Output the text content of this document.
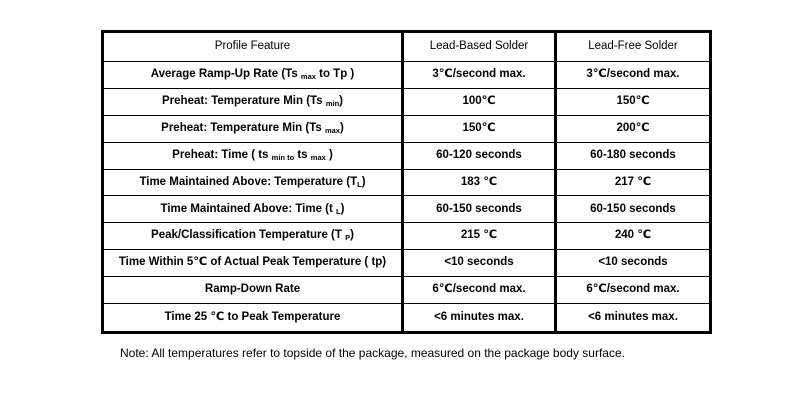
Profile Feature	Lead-Based Solder	Lead-Free Solder
Average Ramp-Up Rate (Ts $_{max}$ to Tp )	3℃/second max.	3℃/second max.
Preheat: Temperature Min (Ts $_{min}$)	100℃	150℃
Preheat: Temperature Min (Ts $_{max}$)	150℃	200℃
Preheat: Time ( ts $_{min to}$ ts $_{max}$ )	60-120 seconds	60-180 seconds
Time Maintained Above: Temperature $(T_L)$	183 ℃	217 ℃
Time Maintained Above: Time (t $_L$)	60-150 seconds	60-150 seconds
Peak/Classification Temperature (T $_P$)	215 ℃	240 ℃
Time Within 5℃ of Actual Peak Temperature ( tp)	<10 seconds	<10 seconds
Ramp-Down Rate	6℃/second max.	6℃/second max.
Time 25 ℃ to Peak Temperature	<6 minutes max.	<6 minutes max.
Note: All temperatures refer to topside of the package, measured on the package body surface.
